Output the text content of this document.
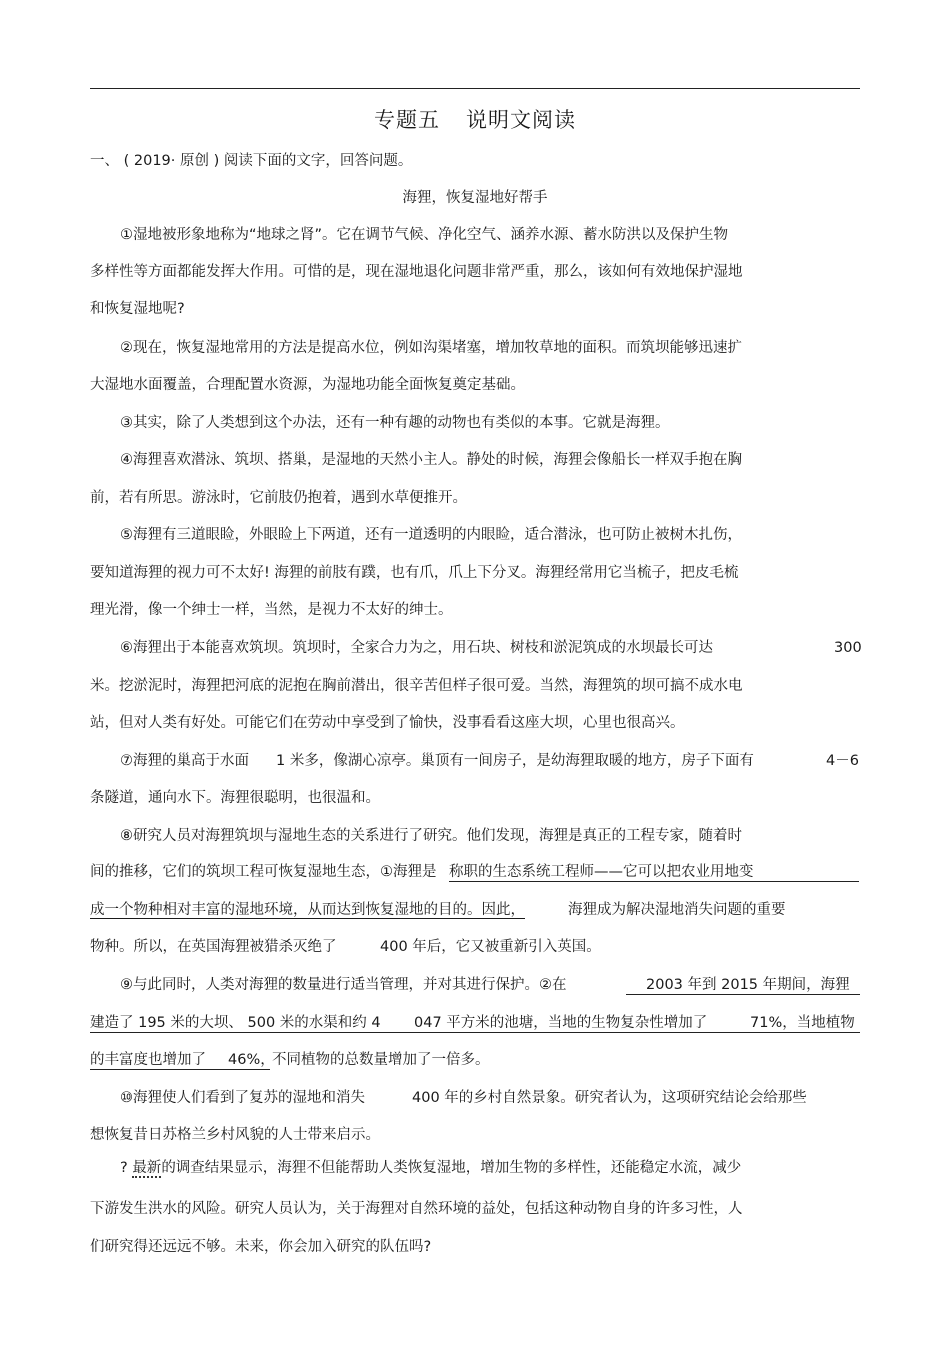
专题五 说明文阅读
一、 ( 2019· 原创 ) 阅读下面的文字，回答问题。
海狸，恢复湿地好帮手
①湿地被形象地称为“地球之肾”。它在调节气候、净化空气、涵养水源、蓄水防洪以及保护生物
多样性等方面都能发挥大作用。可惜的是，现在湿地退化问题非常严重，那么，该如何有效地保护湿地
和恢复湿地呢?
②现在，恢复湿地常用的方法是提高水位，例如沟渠堵塞，增加牧草地的面积。而筑坝能够迅速扩
大湿地水面覆盖，合理配置水资源，为湿地功能全面恢复奠定基础。
③其实，除了人类想到这个办法，还有一种有趣的动物也有类似的本事。它就是海狸。
④海狸喜欢潜泳、筑坝、搭巢，是湿地的天然小主人。静处的时候，海狸会像船长一样双手抱在胸
前，若有所思。游泳时，它前肢仍抱着，遇到水草便推开。
⑤海狸有三道眼睑，外眼睑上下两道，还有一道透明的内眼睑，适合潜泳，也可防止被树木扎伤，
要知道海狸的视力可不太好! 海狸的前肢有蹼，也有爪，爪上下分叉。海狸经常用它当梳子，把皮毛梳
理光滑，像一个绅士一样，当然，是视力不太好的绅士。
⑥海狸出于本能喜欢筑坝。筑坝时，全家合力为之，用石块、树枝和淤泥筑成的水坝最长可达	300
米。挖淤泥时，海狸把河底的泥抱在胸前潜出，很辛苦但样子很可爱。当然，海狸筑的坝可搞不成水电
站，但对人类有好处。可能它们在劳动中享受到了愉快，没事看看这座大坝，心里也很高兴。
⑦海狸的巢高于水面 1 米多，像湖心凉亭。巢顶有一间房子，是幼海狸取暖的地方，房子下面有	4－6
条隧道，通向水下。海狸很聪明，也很温和。
⑧研究人员对海狸筑坝与湿地生态的关系进行了研究。他们发现，海狸是真正的工程专家，随着时
间的推移，它们的筑坝工程可恢复湿地生态，①海狸是 称职的生态系统工程师——它可以把农业用地变
成一个物种相对丰富的湿地环境，从而达到恢复湿地的目的。因此，	海狸成为解决湿地消失问题的重要
物种。所以，在英国海狸被猎杀灭绝了	400 年后，它又被重新引入英国。
⑨与此同时，人类对海狸的数量进行适当管理，并对其进行保护。②在	2003 年到 2015 年期间，海狸
建造了 195 米的大坝、 500 米的水渠和约 4 047 平方米的池塘，当地的生物复杂性增加了	71%，当地植物
的丰富度也增加了 46%，
不同植物的总数量增加了一倍多。
⑩海狸使人们看到了复苏的湿地和消失	400 年的乡村自然景象。研究者认为，这项研究结论会给那些
想恢复昔日苏格兰乡村风貌的人士带来启示。
? 最新的调查结果显示，海狸不但能帮助人类恢复湿地，增加生物的多样性，还能稳定水流，减少
下游发生洪水的风险。研究人员认为，关于海狸对自然环境的益处，包括这种动物自身的许多习性，人
们研究得还远远不够。未来，你会加入研究的队伍吗?
